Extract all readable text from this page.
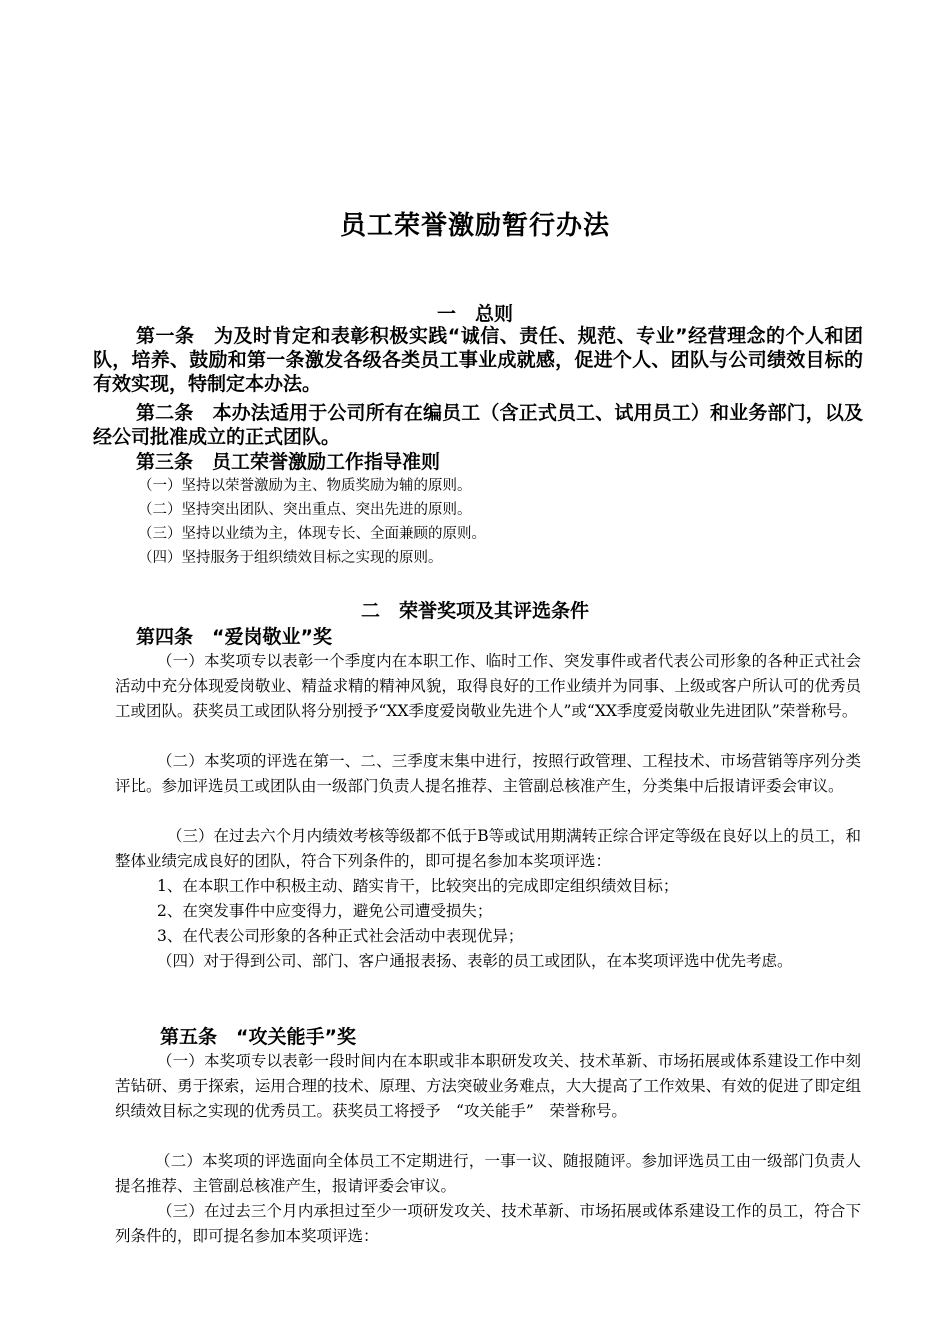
员工荣誉激励暂行办法
一　总则

第一条　为及时肯定和表彰积极实践“诚信、责任、规范、专业”经营理念的个人和团队，培养、鼓励和第一条激发各级各类员工事业成就感，促进个人、团队与公司绩效目标的有效实现，特制定本办法。

第二条　本办法适用于公司所有在编员工（含正式员工、试用员工）和业务部门，以及经公司批准成立的正式团队。

第三条　员工荣誉激励工作指导准则

（一）坚持以荣誉激励为主、物质奖励为辅的原则。
（二）坚持突出团队、突出重点、突出先进的原则。
（三）坚持以业绩为主，体现专长、全面兼顾的原则。
（四）坚持服务于组织绩效目标之实现的原则。
二　荣誉奖项及其评选条件
第四条　“爱岗敬业”奖

（一）本奖项专以表彰一个季度内在本职工作、临时工作、突发事件或者代表公司形象的各种正式社会活动中充分体现爱岗敬业、精益求精的精神风貌，取得良好的工作业绩并为同事、上级或客户所认可的优秀员工或团队。获奖员工或团队将分别授予“XX季度爱岗敬业先进个人”或“XX季度爱岗敬业先进团队”荣誉称号。

（二）本奖项的评选在第一、二、三季度末集中进行，按照行政管理、工程技术、市场营销等序列分类评比。参加评选员工或团队由一级部门负责人提名推荐、主管副总核准产生，分类集中后报请评委会审议。

（三）在过去六个月内绩效考核等级都不低于B等或试用期满转正综合评定等级在良好以上的员工，和整体业绩完成良好的团队，符合下列条件的，即可提名参加本奖项评选：

1、在本职工作中积极主动、踏实肯干，比较突出的完成即定组织绩效目标；
2、在突发事件中应变得力，避免公司遭受损失；
3、在代表公司形象的各种正式社会活动中表现优异；

（四）对于得到公司、部门、客户通报表扬、表彰的员工或团队，在本奖项评选中优先考虑。

第五条　“攻关能手”奖

（一）本奖项专以表彰一段时间内在本职或非本职研发攻关、技术革新、市场拓展或体系建设工作中刻苦钻研、勇于探索，运用合理的技术、原理、方法突破业务难点，大大提高了工作效果、有效的促进了即定组织绩效目标之实现的优秀员工。获奖员工将授予　“攻关能手”　荣誉称号。

（二）本奖项的评选面向全体员工不定期进行，一事一议、随报随评。参加评选员工由一级部门负责人提名推荐、主管副总核准产生，报请评委会审议。

（三）在过去三个月内承担过至少一项研发攻关、技术革新、市场拓展或体系建设工作的员工，符合下列条件的，即可提名参加本奖项评选：
